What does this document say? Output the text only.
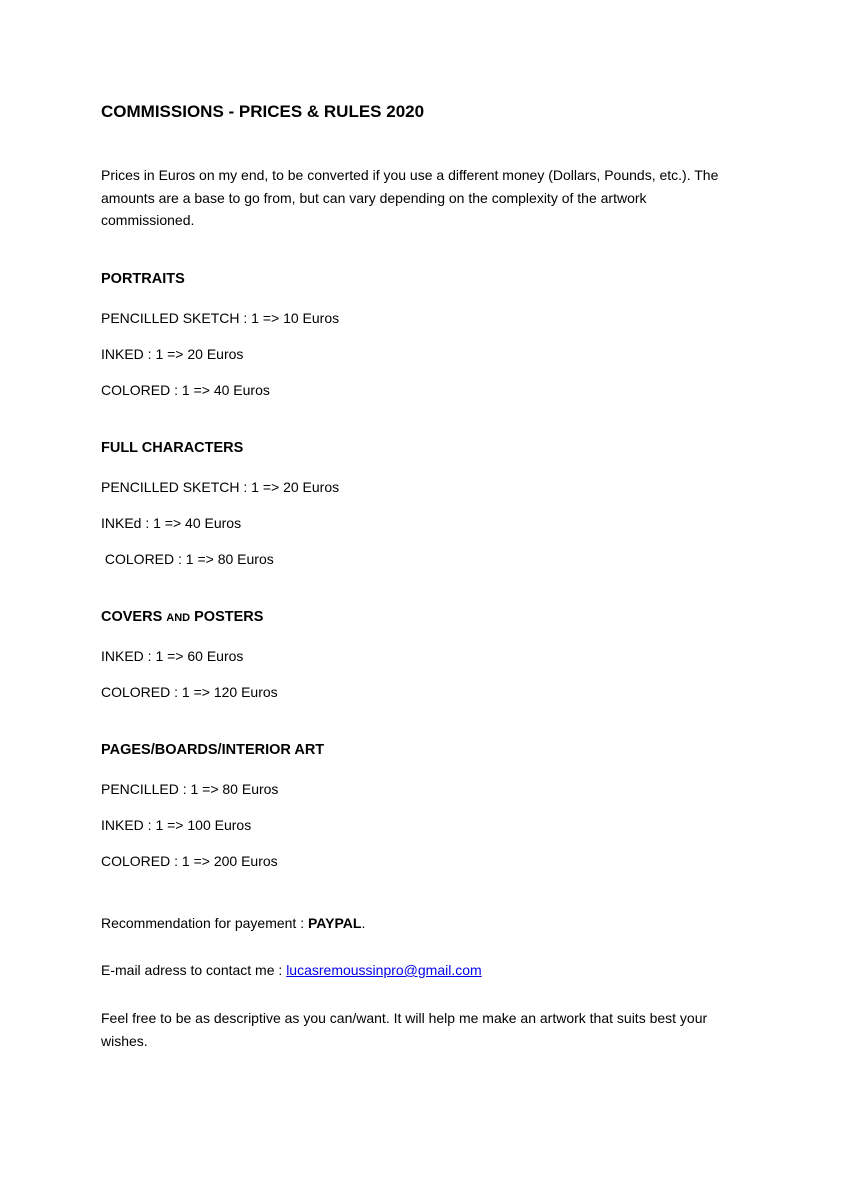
COMMISSIONS - PRICES & RULES 2020
Prices in Euros on my end, to be converted if you use a different money (Dollars, Pounds, etc.). The amounts are a base to go from, but can vary depending on the complexity of the artwork commissioned.
PORTRAITS
PENCILLED SKETCH : 1 => 10 Euros
INKED : 1 => 20 Euros
COLORED : 1 => 40 Euros
FULL CHARACTERS
PENCILLED SKETCH : 1 => 20 Euros
INKEd : 1 => 40 Euros
COLORED : 1 => 80 Euros
COVERS AND POSTERS
INKED : 1 => 60 Euros
COLORED : 1 => 120 Euros
PAGES/BOARDS/INTERIOR ART
PENCILLED : 1 => 80 Euros
INKED : 1 => 100 Euros
COLORED : 1 => 200 Euros
Recommendation for payement : PAYPAL.
E-mail adress to contact me : lucasremoussinpro@gmail.com
Feel free to be as descriptive as you can/want. It will help me make an artwork that suits best your wishes.
